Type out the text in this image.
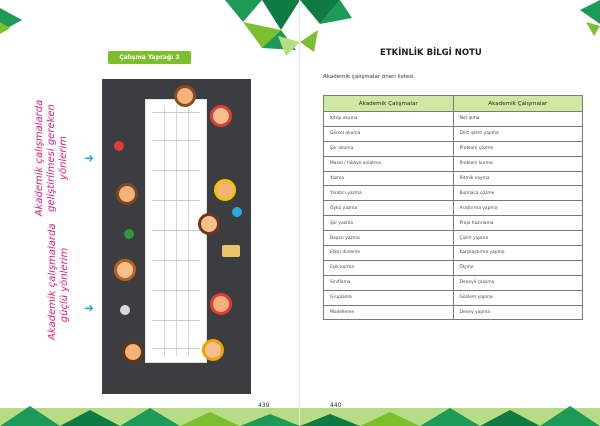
Çalışma Yaprağı 2
Akademik çalışmalarda geliştirilmesi gereken yönlerim ➜
Akademik çalışmalarda güçlü yönlerim ➜
439
ETKİNLİK BİLGİ NOTU
Akademik çalışmalar öneri listesi.
Akademik Çalışmalar	Akademik Çalışmalar
Kitap okuma	Not alma
Görsel okuma	Dört işlem yapma
Şiir okuma	Problem çözme
Masal / hikâye anlatma	Problem kurma
Yazma	Ritmik sayma
Yaratıcı yazma	Bulmaca çözme
Öykü yazma	Araştırma yapma
Şiir yazma	Proje hazırlama
Başarı yazma	Çizim yapma
Etkin dinleme	Karşılaştırma yapma
Eşik kurma	Ölçme
Sınıflama	Deneyli çalışma
Gruplama	Gözlem yapma
Modelleme	Deney yapma
440
